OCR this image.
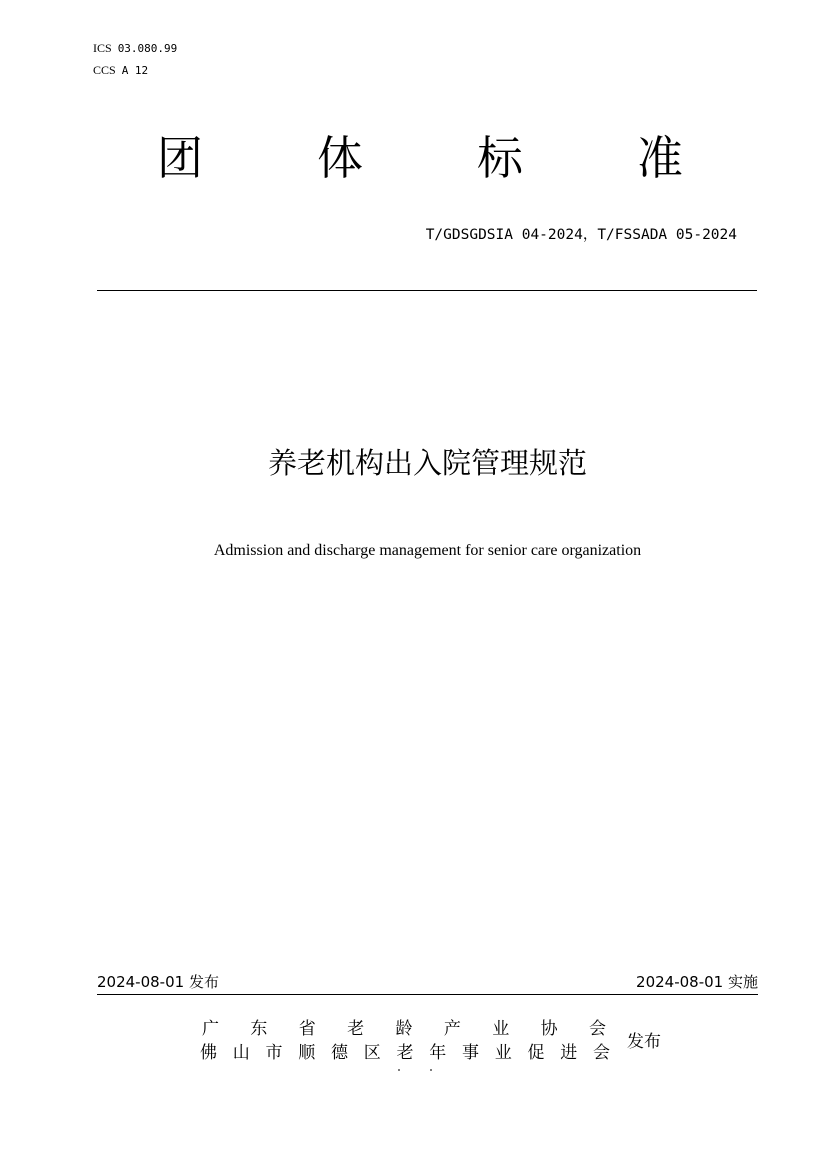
ICS 03.080.99
CCS A 12
团 体 标 准
T/GDSGDSIA 04-2024，T/FSSADA 05-2024
养老机构出入院管理规范
Admission and discharge management for senior care organization
2024-08-01 发布	2024-08-01 实施
广 东 省 老 龄 产 业 协 会
佛 山 市 顺 德 区 老 年 事 业 促 进 会
发布
